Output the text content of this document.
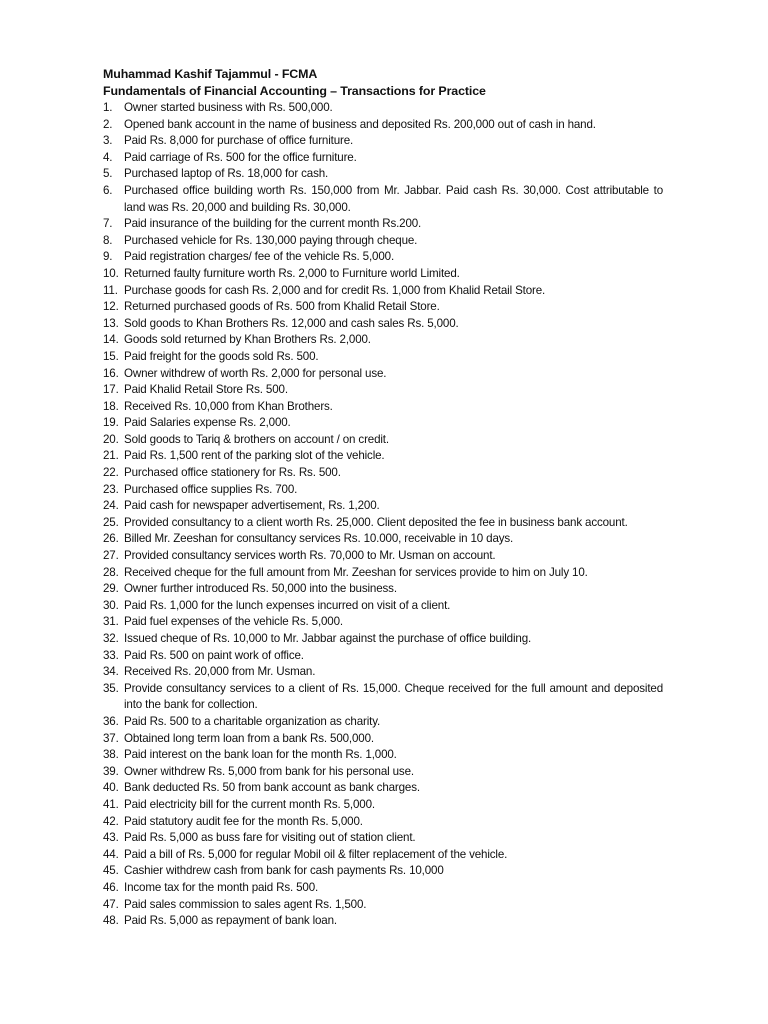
Muhammad Kashif Tajammul - FCMA
Fundamentals of Financial Accounting – Transactions for Practice
1.	Owner started business with Rs. 500,000.
2.	Opened bank account in the name of business and deposited Rs. 200,000 out of cash in hand.
3.	Paid Rs. 8,000 for purchase of office furniture.
4.	Paid carriage of Rs. 500 for the office furniture.
5.	Purchased laptop of Rs. 18,000 for cash.
6.	Purchased office building worth Rs. 150,000 from Mr. Jabbar. Paid cash Rs. 30,000. Cost attributable to land was Rs. 20,000 and building Rs. 30,000.
7.	Paid insurance of the building for the current month Rs.200.
8.	Purchased vehicle for Rs. 130,000 paying through cheque.
9.	Paid registration charges/ fee of the vehicle Rs. 5,000.
10. Returned faulty furniture worth Rs. 2,000 to Furniture world Limited.
11. Purchase goods for cash Rs. 2,000 and for credit Rs. 1,000 from Khalid Retail Store.
12. Returned purchased goods of Rs. 500 from Khalid Retail Store.
13. Sold goods to Khan Brothers Rs. 12,000 and cash sales Rs. 5,000.
14. Goods sold returned by Khan Brothers Rs. 2,000.
15. Paid freight for the goods sold Rs. 500.
16. Owner withdrew of worth Rs. 2,000 for personal use.
17. Paid Khalid Retail Store Rs. 500.
18. Received Rs. 10,000 from Khan Brothers.
19. Paid Salaries expense Rs. 2,000.
20. Sold goods to Tariq & brothers on account / on credit.
21. Paid Rs. 1,500 rent of the parking slot of the vehicle.
22. Purchased office stationery for Rs. Rs. 500.
23. Purchased office supplies Rs. 700.
24. Paid cash for newspaper advertisement, Rs. 1,200.
25. Provided consultancy to a client worth Rs. 25,000. Client deposited the fee in business bank account.
26. Billed Mr. Zeeshan for consultancy services Rs. 10.000, receivable in 10 days.
27. Provided consultancy services worth Rs. 70,000 to Mr. Usman on account.
28. Received cheque for the full amount from Mr. Zeeshan for services provide to him on July 10.
29. Owner further introduced Rs. 50,000 into the business.
30. Paid Rs. 1,000 for the lunch expenses incurred on visit of a client.
31. Paid fuel expenses of the vehicle Rs. 5,000.
32. Issued cheque of Rs. 10,000 to Mr. Jabbar against the purchase of office building.
33. Paid Rs. 500 on paint work of office.
34. Received Rs. 20,000 from Mr. Usman.
35. Provide consultancy services to a client of Rs. 15,000. Cheque received for the full amount and deposited into the bank for collection.
36. Paid Rs. 500 to a charitable organization as charity.
37. Obtained long term loan from a bank Rs. 500,000.
38. Paid interest on the bank loan for the month Rs. 1,000.
39. Owner withdrew Rs. 5,000 from bank for his personal use.
40. Bank deducted Rs. 50 from bank account as bank charges.
41. Paid electricity bill for the current month Rs. 5,000.
42. Paid statutory audit fee for the month Rs. 5,000.
43. Paid Rs. 5,000 as buss fare for visiting out of station client.
44. Paid a bill of Rs. 5,000 for regular Mobil oil & filter replacement of the vehicle.
45. Cashier withdrew cash from bank for cash payments Rs. 10,000
46. Income tax for the month paid Rs. 500.
47. Paid sales commission to sales agent Rs. 1,500.
48. Paid Rs. 5,000 as repayment of bank loan.
